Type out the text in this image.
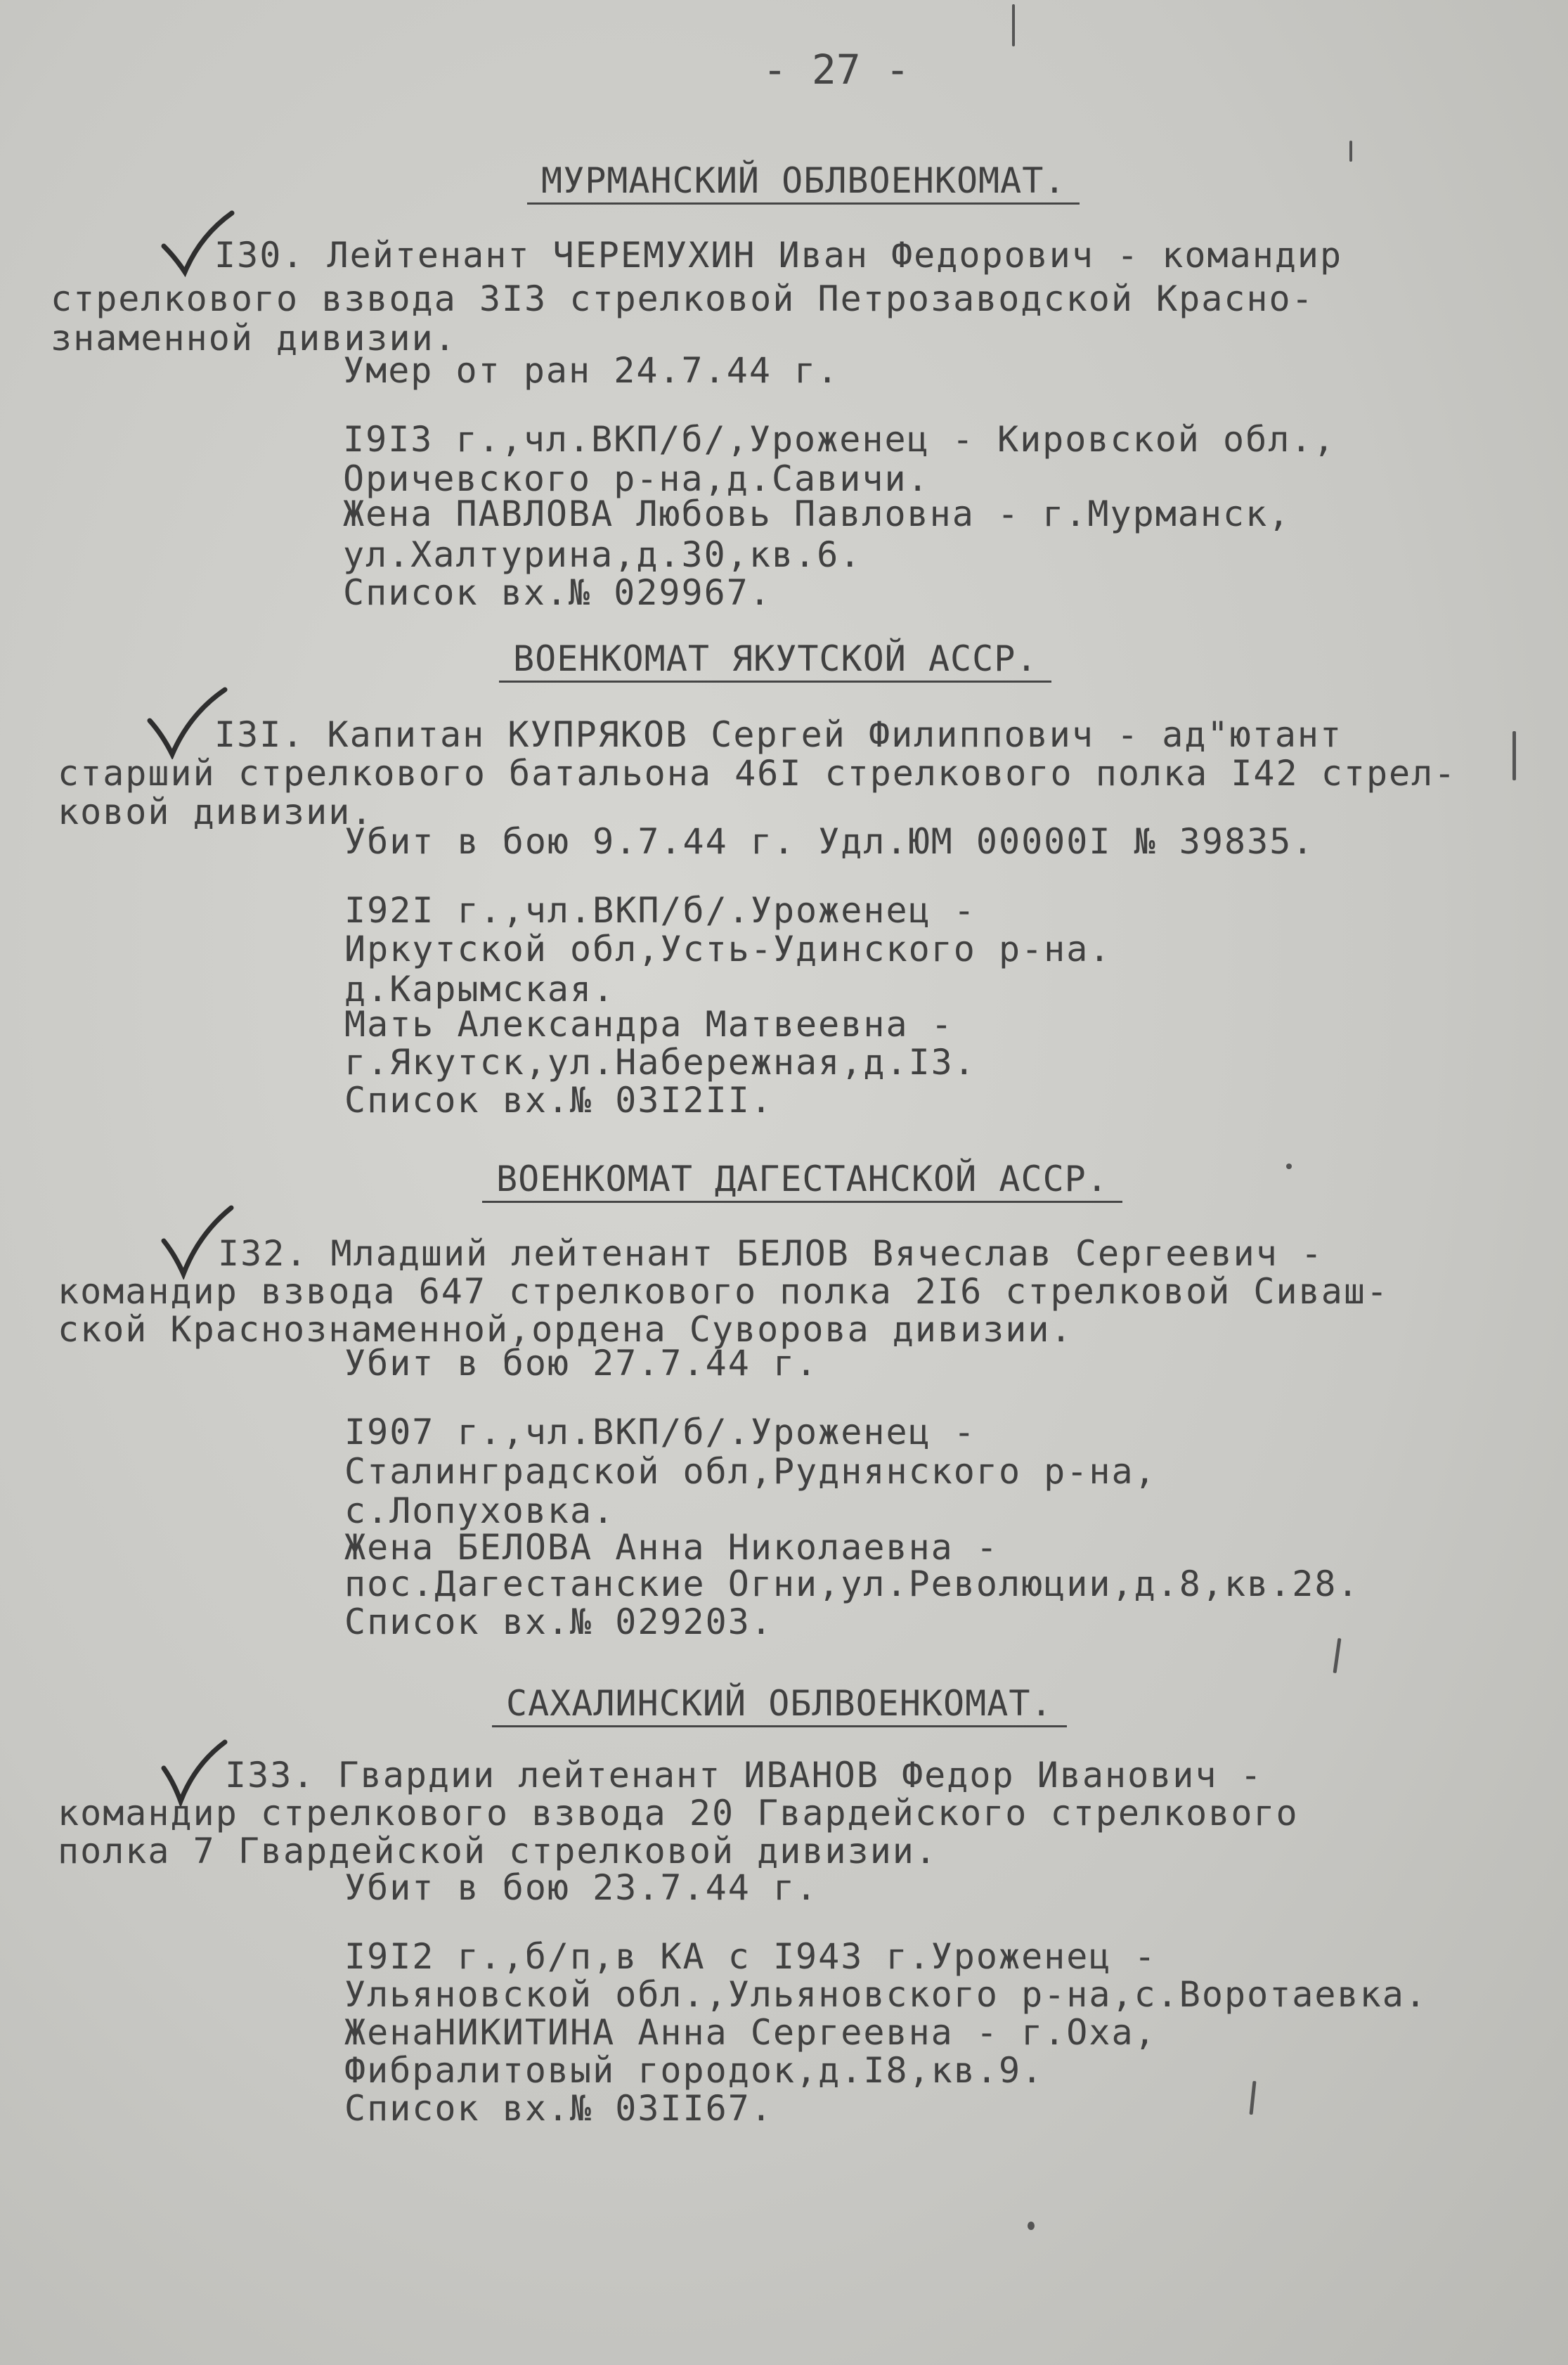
- 27 -
МУРМАНСКИЙ ОБЛВОЕНКОМАТ.
I30. Лейтенант ЧЕРЕМУХИН Иван Федорович - командир
стрелкового взвода 3I3 стрелковой Петрозаводской Красно-
знаменной дивизии.
Умер от ран 24.7.44 г.
I9I3 г.,чл.ВКП/б/,Уроженец - Кировской обл.,
Оричевского р-на,д.Савичи.
Жена ПАВЛОВА Любовь Павловна - г.Мурманск,
ул.Халтурина,д.30,кв.6.
Список вх.№ 029967.
ВОЕНКОМАТ ЯКУТСКОЙ АССР.
I3I. Капитан КУПРЯКОВ Сергей Филиппович - ад"ютант
старший стрелкового батальона 46I стрелкового полка I42 стрел-
ковой дивизии.
Убит в бою 9.7.44 г. Удл.ЮМ 00000I № 39835.
I92I г.,чл.ВКП/б/.Уроженец -
Иркутской обл,Усть-Удинского р-на.
д.Карымская.
Мать Александра Матвеевна -
г.Якутск,ул.Набережная,д.I3.
Список вх.№ 03I2II.
ВОЕНКОМАТ ДАГЕСТАНСКОЙ АССР.
I32. Младший лейтенант БЕЛОВ Вячеслав Сергеевич -
командир взвода 647 стрелкового полка 2I6 стрелковой Сиваш-
ской Краснознаменной,ордена Суворова дивизии.
Убит в бою 27.7.44 г.
I907 г.,чл.ВКП/б/.Уроженец -
Сталинградской обл,Руднянского р-на,
с.Лопуховка.
Жена БЕЛОВА Анна Николаевна -
пос.Дагестанские Огни,ул.Революции,д.8,кв.28.
Список вх.№ 029203.
САХАЛИНСКИЙ ОБЛВОЕНКОМАТ.
I33. Гвардии лейтенант ИВАНОВ Федор Иванович -
командир стрелкового взвода 20 Гвардейского стрелкового
полка 7 Гвардейской стрелковой дивизии.
Убит в бою 23.7.44 г.
I9I2 г.,б/п,в КА с I943 г.Уроженец -
Ульяновской обл.,Ульяновского р-на,с.Воротаевка.
ЖенаНИКИТИНА Анна Сергеевна - г.Оха,
Фибралитовый городок,д.I8,кв.9.
Список вх.№ 03II67.
